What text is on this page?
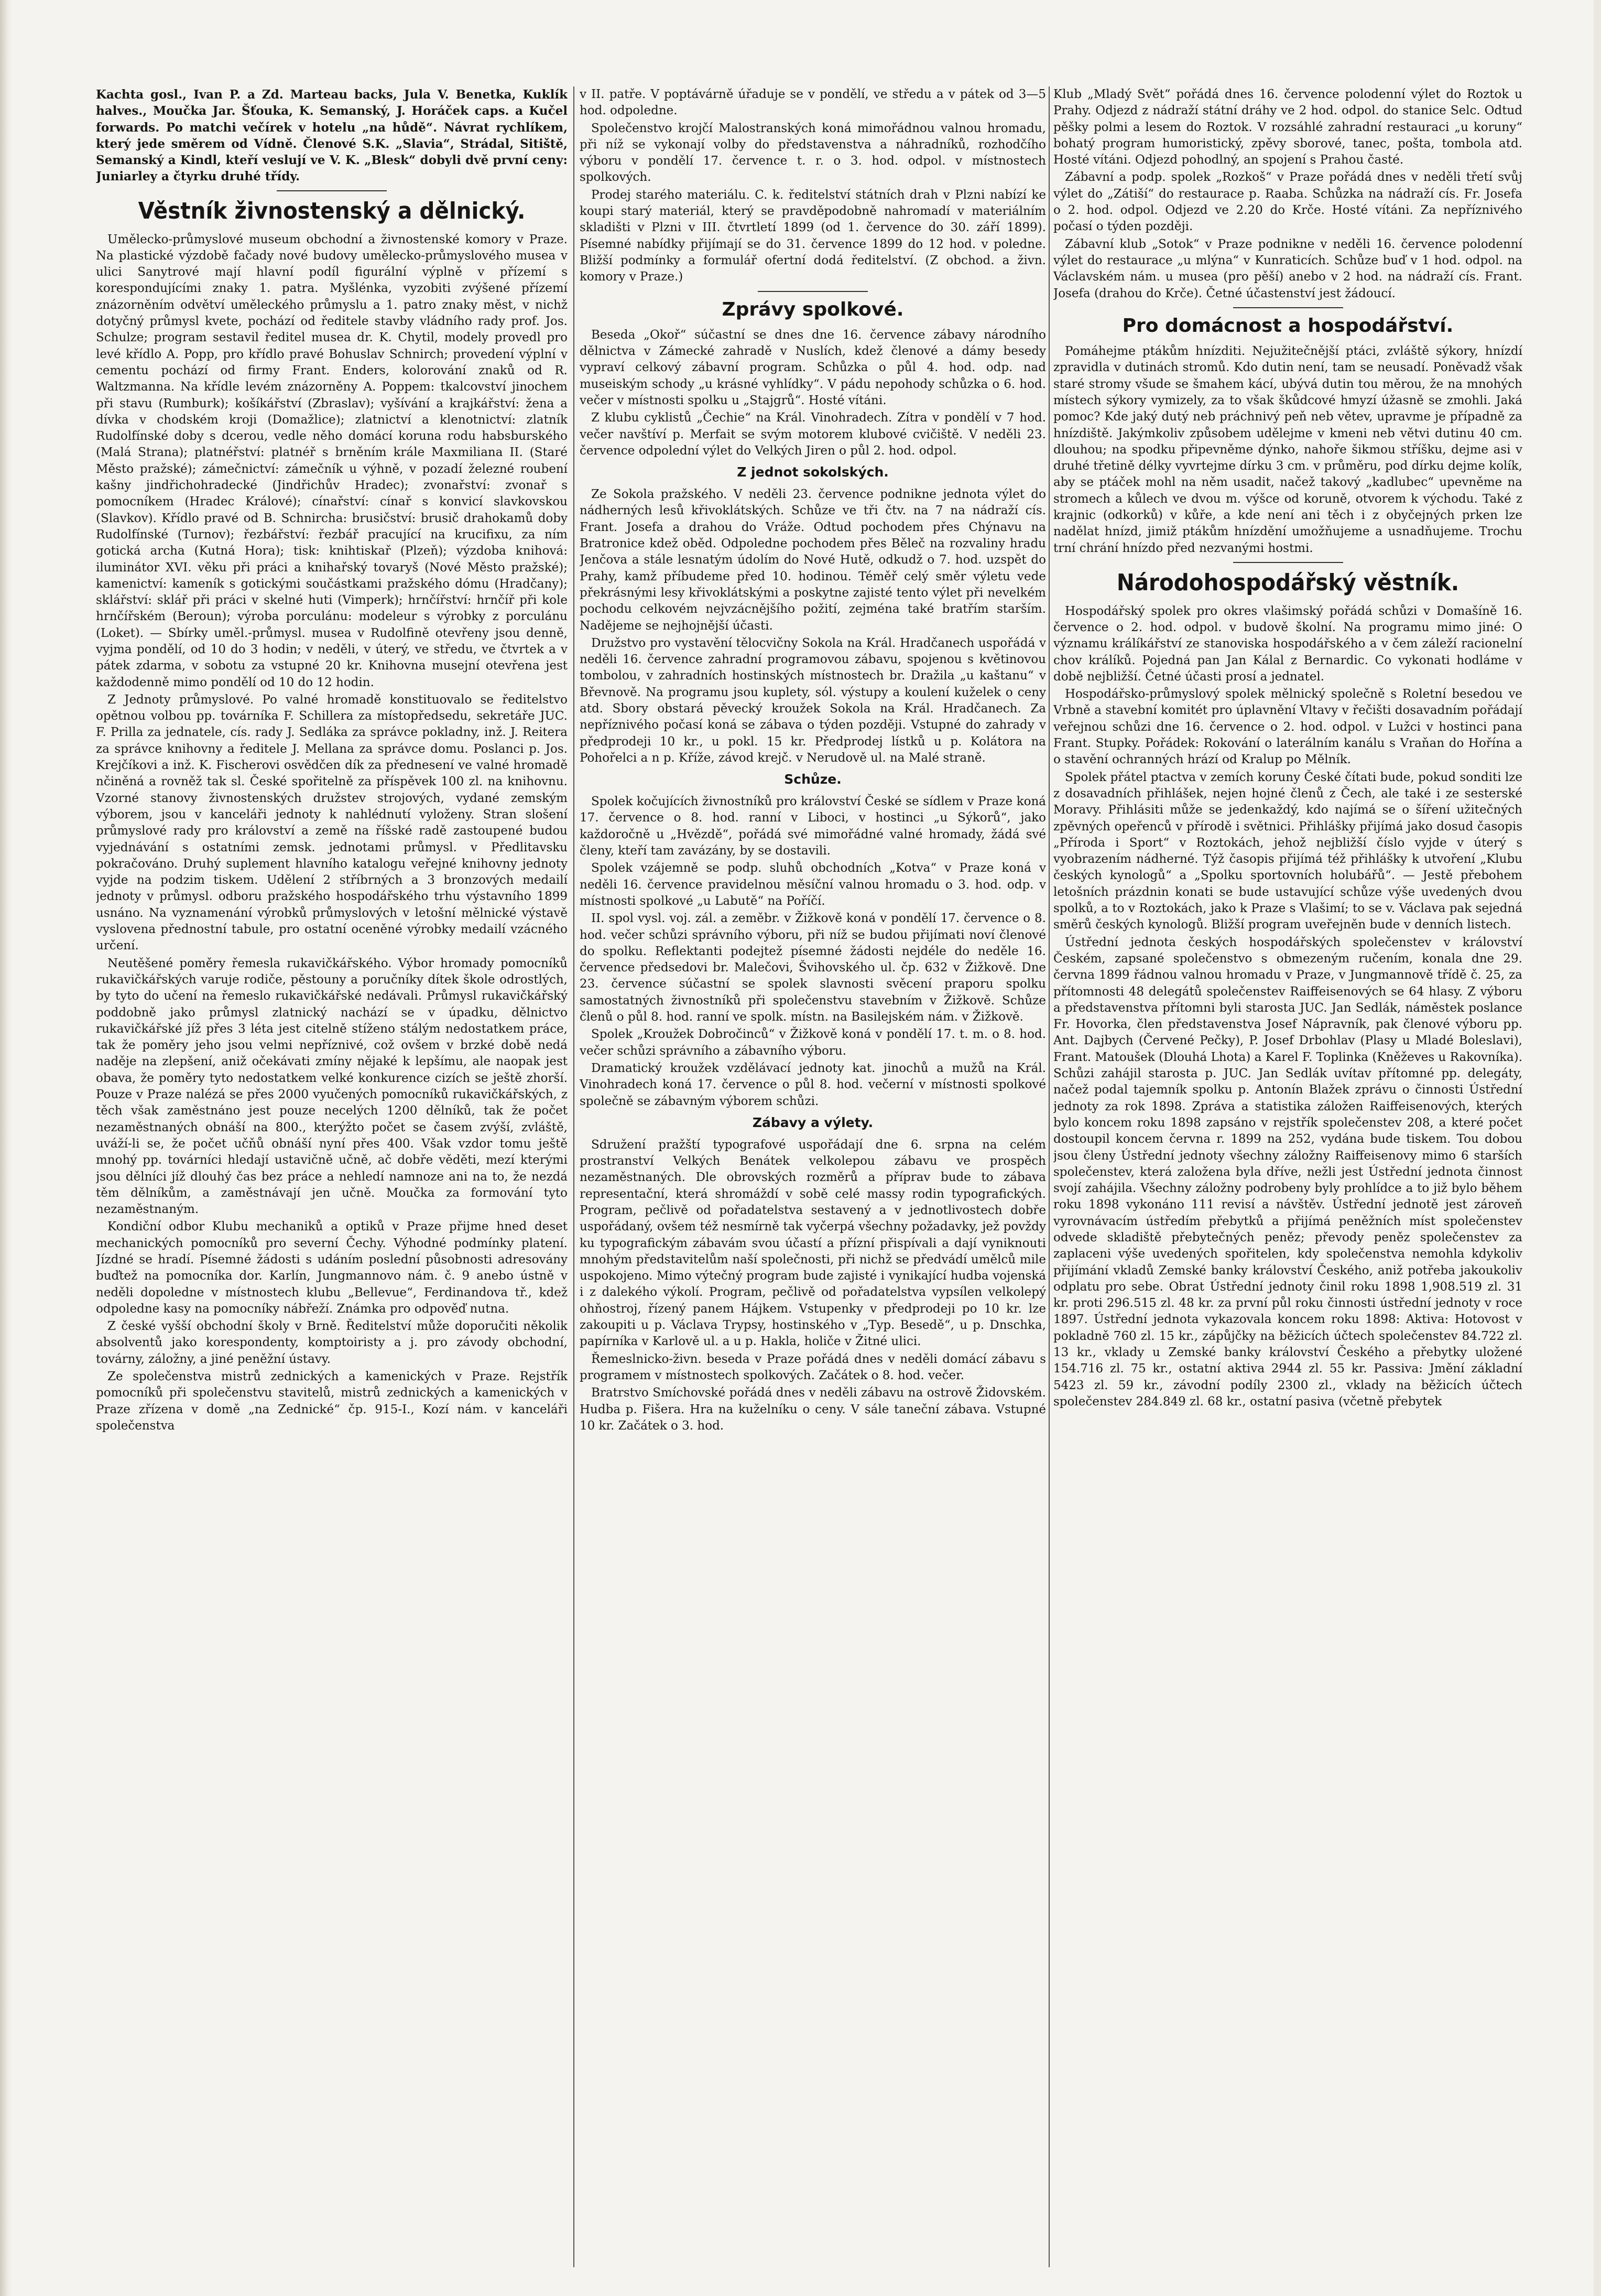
Kachta gosl., Ivan P. a Zd. Marteau backs, Jula V. Benetka, Kuklík halves., Moučka Jar. Šťouka, K. Semanský, J. Horáček caps. a Kučel forwards. Po matchi večírek v hotelu „na hůdě“. Návrat rychlíkem, který jede směrem od Vídně. Členové S.K. „Slavia“, Strádal, Sitiště, Semanský a Kindl, kteří veslují ve V. K. „Blesk“ dobyli dvě první ceny: Juniarley a čtyrku druhé třídy.

Věstník živnostenský a dělnický.

Umělecko-průmyslové museum obchodní a živnostenské komory v Praze. Na plastické výzdobě fačady nové budovy umělecko-průmyslového musea v ulici Sanytrové mají hlavní podíl figurální výplně v přízemí s korespondujícími znaky 1. patra. Myšlénka, vyzobiti zvýšené přízemí znázorněním odvětví uměleckého průmyslu a 1. patro znaky měst, v nichž dotyčný průmysl kvete, pochází od ředitele stavby vládního rady prof. Jos. Schulze; program sestavil ředitel musea dr. K. Chytil, modely provedl pro levé křídlo A. Popp, pro křídlo pravé Bohuslav Schnirch; provedení výplní v cementu pochází od firmy Frant. Enders, kolorování znaků od R. Waltzmanna. Na křídle levém znázorněny A. Poppem: tkalcovství jinochem při stavu (Rumburk); košíkářství (Zbraslav); vyšívání a krajkářství: žena a dívka v chodském kroji (Domažlice); zlatnictví a klenotnictví: zlatník Rudolfínské doby s dcerou, vedle něho domácí koruna rodu habsburského (Malá Strana); platnéřství: platnéř s brněním krále Maxmiliana II. (Staré Město pražské); zámečnictví: zámečník u výhně, v pozadí železné roubení kašny jindřichohradecké (Jindřichův Hradec); zvonařství: zvonař s pomocníkem (Hradec Králové); cínařství: cínař s konvicí slavkovskou (Slavkov). Křídlo pravé od B. Schnircha: brusičství: brusič drahokamů doby Rudolfínské (Turnov); řezbářství: řezbář pracující na krucifixu, za ním gotická archa (Kutná Hora); tisk: knihtiskař (Plzeň); výzdoba knihová: iluminátor XVI. věku při práci a knihařský tovaryš (Nové Město pražské); kamenictví: kameník s gotickými součástkami pražského dómu (Hradčany); sklářství: sklář při práci v skelné huti (Vimperk); hrnčířství: hrnčíř při kole hrnčířském (Beroun); výroba porculánu: modeleur s výrobky z porculánu (Loket). — Sbírky uměl.-průmysl. musea v Rudolfině otevřeny jsou denně, vyjma pondělí, od 10 do 3 hodin; v neděli, v úterý, ve středu, ve čtvrtek a v pátek zdarma, v sobotu za vstupné 20 kr. Knihovna musejní otevřena jest každodenně mimo pondělí od 10 do 12 hodin.

Z Jednoty průmyslové. Po valné hromadě konstituovalo se ředitelstvo opětnou volbou pp. továrníka F. Schillera za místopředsedu, sekretáře JUC. F. Prilla za jednatele, cís. rady J. Sedláka za správce pokladny, inž. J. Reitera za správce knihovny a ředitele J. Mellana za správce domu. Poslanci p. Jos. Krejčíkovi a inž. K. Fischerovi osvědčen dík za přednesení ve valné hromadě nčiněná a rovněž tak sl. České spořitelně za příspěvek 100 zl. na knihovnu. Vzorné stanovy živnostenských družstev strojových, vydané zemským výborem, jsou v kanceláři jednoty k nahlédnutí vyloženy. Stran slošení průmyslové rady pro království a země na říšské radě zastoupené budou vyjednávání s ostatními zemsk. jednotami průmysl. v Předlitavsku pokračováno. Druhý suplement hlavního katalogu veřejné knihovny jednoty vyjde na podzim tiskem. Udělení 2 stříbrných a 3 bronzových medailí jednoty v průmysl. odboru pražského hospodářského trhu výstavního 1899 usnáno. Na vyznamenání výrobků průmyslových v letošní mělnické výstavě vyslovena přednostní tabule, pro ostatní oceněné výrobky medailí vzácného určení.

Neutěšené poměry řemesla rukavičkářského. Výbor hromady pomocníků rukavičkářských varuje rodiče, pěstouny a poručníky dítek škole odrostlých, by tyto do učení na řemeslo rukavičkářské nedávali. Průmysl rukavičkářský poddobně jako průmysl zlatnický nachází se v úpadku, dělnictvo rukavičkářské jíž přes 3 léta jest citelně stíženo stálým nedostatkem práce, tak že poměry jeho jsou velmi nepříznivé, což ovšem v brzké době nedá naděje na zlepšení, aniž očekávati zmíny nějaké k lepšímu, ale naopak jest obava, že poměry tyto nedostatkem velké konkurence cizích se ještě zhorší. Pouze v Praze nalézá se přes 2000 vyučených pomocníků rukavičkářských, z těch však zaměstnáno jest pouze necelých 1200 dělníků, tak že počet nezaměstnaných obnáší na 800., kterýžto počet se časem zvýší, zvláště, uváží-li se, že počet učňů obnáší nyní přes 400. Však vzdor tomu ještě mnohý pp. továrníci hledají ustavičně učně, ač dobře věděti, mezí kterými jsou dělníci jíž dlouhý čas bez práce a nehledí namnoze ani na to, že nezdá těm dělníkům, a zaměstnávají jen učně. Moučka za formování tyto nezaměstnaným.

Kondiční odbor Klubu mechaniků a optiků v Praze přijme hned deset mechanických pomocníků pro severní Čechy. Výhodné podmínky platení. Jízdné se hradí. Písemné žádosti s udáním poslední působnosti adresovány buďtež na pomocníka dor. Karlín, Jungmannovo nám. č. 9 anebo ústně v neděli dopoledne v místnostech klubu „Bellevue“, Ferdinandova tř., kdež odpoledne kasy na pomocníky nábřeží. Známka pro odpověď nutna.

Z české vyšší obchodní školy v Brně. Ředitelství může doporučiti několik absolventů jako korespondenty, komptoiristy a j. pro závody obchodní, továrny, záložny, a jiné peněžní ústavy.

Ze společenstva mistrů zednických a kamenických v Praze. Rejstřík pomocníků při společenstvu stavitelů, mistrů zednických a kamenických v Praze zřízena v domě „na Zednické“ čp. 915-I., Kozí nám. v kanceláři společenstva

v II. patře. V poptávárně úřaduje se v pondělí, ve středu a v pátek od 3—5 hod. odpoledne.

Společenstvo krojčí Malostranských koná mimořádnou valnou hromadu, při níž se vykonají volby do představenstva a náhradníků, rozhodčího výboru v pondělí 17. července t. r. o 3. hod. odpol. v místnostech spolkových.

Prodej starého materiálu. C. k. ředitelství státních drah v Plzni nabízí ke koupi starý materiál, který se pravděpodobně nahromadí v materiálním skladišti v Plzni v III. čtvrtletí 1899 (od 1. července do 30. září 1899). Písemné nabídky přijímají se do 31. července 1899 do 12 hod. v poledne. Bližší podmínky a formulář ofertní dodá ředitelství. (Z obchod. a živn. komory v Praze.)

Zprávy spolkové.

Beseda „Okoř“ súčastní se dnes dne 16. července zábavy národního dělnictva v Zámecké zahradě v Nuslích, kdež členové a dámy besedy vypraví celkový zábavní program. Schůzka o půl 4. hod. odp. nad museiským schody „u krásné vyhlídky“. V pádu nepohody schůzka o 6. hod. večer v místnosti spolku u „Stajgrů“. Hosté vítáni.

Z klubu cyklistů „Čechie“ na Král. Vinohradech. Zítra v pondělí v 7 hod. večer navštíví p. Merfait se svým motorem klubové cvičiště. V neděli 23. července odpolední výlet do Velkých Jiren o půl 2. hod. odpol.

Z jednot sokolských.

Ze Sokola pražského. V neděli 23. července podnikne jednota výlet do nádherných lesů křivoklátských. Schůze ve tři čtv. na 7 na nádraží cís. Frant. Josefa a drahou do Vráže. Odtud pochodem přes Chýnavu na Bratronice kdež oběd. Odpoledne pochodem přes Běleč na rozvaliny hradu Jenčova a stále lesnatým údolím do Nové Hutě, odkudž o 7. hod. uzspět do Prahy, kamž příbudeme před 10. hodinou. Téměř celý směr výletu vede překrásnými lesy křivoklátskými a poskytne zajisté tento výlet při nevelkém pochodu celkovém nejvzácnějšího požití, zejména také bratřím starším. Nadějeme se nejhojnější účasti.

Družstvo pro vystavění tělocvičny Sokola na Král. Hradčanech uspořádá v neděli 16. července zahradní programovou zábavu, spojenou s květinovou tombolou, v zahradních hostinských místnostech br. Dražila „u kaštanu“ v Břevnově. Na programu jsou kuplety, sól. výstupy a koulení kuželek o ceny atd. Sbory obstará pěvecký kroužek Sokola na Král. Hradčanech. Za nepříznivého počasí koná se zábava o týden později. Vstupné do zahrady v předprodeji 10 kr., u pokl. 15 kr. Předprodej lístků u p. Kolátora na Pohořelci a n p. Kříže, závod krejč. v Nerudově ul. na Malé straně.

Schůze.

Spolek kočujících živnostníků pro království České se sídlem v Praze koná 17. července o 8. hod. ranní v Liboci, v hostinci „u Sýkorů“, jako každoročně u „Hvězdě“, pořádá své mimořádné valné hromady, žádá své členy, kteří tam zavázány, by se dostavili.

Spolek vzájemně se podp. sluhů obchodních „Kotva“ v Praze koná v neděli 16. července pravidelnou měsíční valnou hromadu o 3. hod. odp. v místnosti spolkové „u Labutě“ na Poříčí.

II. spol vysl. voj. zál. a zeměbr. v Žižkově koná v pondělí 17. července o 8. hod. večer schůzi správního výboru, při níž se budou přijímati noví členové do spolku. Reflektanti podejtež písemné žádosti nejdéle do neděle 16. července předsedovi br. Malečovi, Švihovského ul. čp. 632 v Žižkově. Dne 23. července súčastní se spolek slavnosti svěcení praporu spolku samostatných živnostníků při společenstvu stavebním v Žižkově. Schůze členů o půl 8. hod. ranní ve spolk. místn. na Basilejském nám. v Žižkově.

Spolek „Kroužek Dobročinců“ v Žižkově koná v pondělí 17. t. m. o 8. hod. večer schůzi správního a zábavního výboru.

Dramatický kroužek vzdělávací jednoty kat. jinochů a mužů na Král. Vinohradech koná 17. července o půl 8. hod. večerní v místnosti spolkové společně se zábavným výborem schůzi.

Zábavy a výlety.

Sdružení pražští typografové uspořádají dne 6. srpna na celém prostranství Velkých Benátek velkolepou zábavu ve prospěch nezaměstnaných. Dle obrovských rozměrů a příprav bude to zábava representační, která shromáždí v sobě celé massy rodin typografických. Program, pečlivě od pořadatelstva sestavený a v jednotlivostech dobře uspořádaný, ovšem též nesmírně tak vyčerpá všechny požadavky, jež povždy ku typografickým zábavám svou účastí a přízní přispívali a dají vyniknouti mnohým představitelům naší společnosti, při nichž se předvádí umělců mile uspokojeno. Mimo výtečný program bude zajisté i vynikající hudba vojenská i z dalekého výkolí. Program, pečlivě od pořadatelstva vypsílen velkolepý ohňostroj, řízený panem Hájkem. Vstupenky v předprodeji po 10 kr. lze zakoupiti u p. Václava Trypsy, hostinského v „Typ. Besedě“, u p. Dnschka, papírníka v Karlově ul. a u p. Hakla, holiče v Žitné ulici.

Řemeslnicko-živn. beseda v Praze pořádá dnes v neděli domácí zábavu s programem v místnostech spolkových. Začátek o 8. hod. večer.

Bratrstvo Smíchovské pořádá dnes v neděli zábavu na ostrově Židovském. Hudba p. Fišera. Hra na kuželníku o ceny. V sále taneční zábava. Vstupné 10 kr. Začátek o 3. hod.

Klub „Mladý Svět“ pořádá dnes 16. července polodenní výlet do Roztok u Prahy. Odjezd z nádraží státní dráhy ve 2 hod. odpol. do stanice Selc. Odtud pěšky polmi a lesem do Roztok. V rozsáhlé zahradní restauraci „u koruny“ bohatý program humoristický, zpěvy sborové, tanec, pošta, tombola atd. Hosté vítáni. Odjezd pohodlný, an spojení s Prahou časté.

Zábavní a podp. spolek „Rozkoš“ v Praze pořádá dnes v neděli třetí svůj výlet do „Zátiší“ do restaurace p. Raaba. Schůzka na nádraží cís. Fr. Josefa o 2. hod. odpol. Odjezd ve 2.20 do Krče. Hosté vítáni. Za nepříznivého počasí o týden později.

Zábavní klub „Sotok“ v Praze podnikne v neděli 16. července polodenní výlet do restaurace „u mlýna“ v Kunraticích. Schůze buď v 1 hod. odpol. na Václavském nám. u musea (pro pěší) anebo v 2 hod. na nádraží cís. Frant. Josefa (drahou do Krče). Četné účastenství jest žádoucí.

Pro domácnost a hospodářství.

Pomáhejme ptákům hnízditi. Nejužitečnější ptáci, zvláště sýkory, hnízdí zpravidla v dutinách stromů. Kdo dutin není, tam se neusadí. Poněvadž však staré stromy všude se šmahem kácí, ubývá dutin tou měrou, že na mnohých místech sýkory vymizely, za to však škůdcové hmyzí úžasně se zmohli. Jaká pomoc? Kde jaký dutý neb práchnivý peň neb větev, upravme je případně za hnízdiště. Jakýmkoliv způsobem udělejme v kmeni neb větvi dutinu 40 cm. dlouhou; na spodku připevněme dýnko, nahoře šikmou stříšku, dejme asi v druhé třetině délky vyvrtejme dírku 3 cm. v průměru, pod dírku dejme kolík, aby se ptáček mohl na něm usadit, načež takový „kadlubec“ upevněme na stromech a kůlech ve dvou m. výšce od koruně, otvorem k východu. Také z krajnic (odkorků) v kůře, a kde není ani těch i z obyčejných prken lze nadělat hnízd, jimiž ptákům hnízdění umožňujeme a usnadňujeme. Trochu trní chrání hnízdo před nezvanými hostmi.

Národohospodářský věstník.

Hospodářský spolek pro okres vlašimský pořádá schůzi v Domašíně 16. července o 2. hod. odpol. v budově školní. Na programu mimo jiné: O významu králíkářství ze stanoviska hospodářského a v čem záleží racionelní chov králíků. Pojedná pan Jan Kálal z Bernardic. Co vykonati hodláme v době nejbližší. Četné účasti prosí a jednatel.

Hospodářsko-průmyslový spolek mělnický společně s Roletní besedou ve Vrbně a stavební komitét pro úplavnění Vltavy v řečišti dosavadním pořádají veřejnou schůzi dne 16. července o 2. hod. odpol. v Lužci v hostinci pana Frant. Stupky. Pořádek: Rokování o laterálním kanálu s Vraňan do Hořína a o stavění ochranných hrází od Kralup po Mělník.

Spolek přátel ptactva v zemích koruny České čítati bude, pokud sonditi lze z dosavadních přihlášek, nejen hojné členů z Čech, ale také i ze sesterské Moravy. Přihlásiti může se jedenkaždý, kdo najímá se o šíření užitečných zpěvných opeřenců v přírodě i světnici. Přihlášky přijímá jako dosud časopis „Příroda i Sport“ v Roztokách, jehož nejbližší číslo vyjde v úterý s vyobrazením nádherné. Týž časopis přijímá též přihlášky k utvoření „Klubu českých kynologů“ a „Spolku sportovních holubářů“. — Jestě přebohem letošních prázdnin konati se bude ustavující schůze výše uvedených dvou spolků, a to v Roztokách, jako k Praze s Vlašimí; to se v. Václava pak sejedná směrů českých kynologů. Bližší program uveřejněn bude v denních listech.

Ústřední jednota českých hospodářských společenstev v království Českém, zapsané společenstvo s obmezeným ručením, konala dne 29. června 1899 řádnou valnou hromadu v Praze, v Jungmannově třídě č. 25, za přítomnosti 48 delegátů společenstev Raiffeisenových se 64 hlasy. Z výboru a představenstva přítomni byli starosta JUC. Jan Sedlák, náměstek poslance Fr. Hovorka, člen představenstva Josef Nápravník, pak členové výboru pp. Ant. Dajbych (Červené Pečky), P. Josef Drbohlav (Plasy u Mladé Boleslavi), Frant. Matoušek (Dlouhá Lhota) a Karel F. Toplinka (Kněževes u Rakovníka). Schůzi zahájil starosta p. JUC. Jan Sedlák uvítav přítomné pp. delegáty, načež podal tajemník spolku p. Antonín Blažek zprávu o činnosti Ústřední jednoty za rok 1898. Zpráva a statistika záložen Raiffeisenových, kterých bylo koncem roku 1898 zapsáno v rejstřík společenstev 208, a které počet dostoupil koncem června r. 1899 na 252, vydána bude tiskem. Tou dobou jsou členy Ústřední jednoty všechny záložny Raiffeisenovy mimo 6 starších společenstev, která založena byla dříve, nežli jest Ústřední jednota činnost svojí zahájila. Všechny záložny podrobeny byly prohlídce a to již bylo během roku 1898 vykonáno 111 revisí a návštěv. Ústřední jednotě jest zároveň vyrovnávacím ústředím přebytků a přijímá peněžních míst společenstev odvede skladiště přebytečných peněz; převody peněz společenstev za zaplaceni výše uvedených spořitelen, kdy společenstva nemohla kdykoliv přijímání vkladů Zemské banky království Českého, aniž potřeba jakoukoliv odplatu pro sebe. Obrat Ústřední jednoty činil roku 1898 1,908.519 zl. 31 kr. proti 296.515 zl. 48 kr. za první půl roku činnosti ústřední jednoty v roce 1897. Ústřední jednota vykazovala koncem roku 1898: Aktiva: Hotovost v pokladně 760 zl. 15 kr., zápůjčky na běžicích účtech společenstev 84.722 zl. 13 kr., vklady u Zemské banky království Českého a přebytky uložené 154.716 zl. 75 kr., ostatní aktiva 2944 zl. 55 kr. Passiva: Jmění základní 5423 zl. 59 kr., závodní podíly 2300 zl., vklady na běžicích účtech společenstev 284.849 zl. 68 kr., ostatní pasiva (včetně přebytek
